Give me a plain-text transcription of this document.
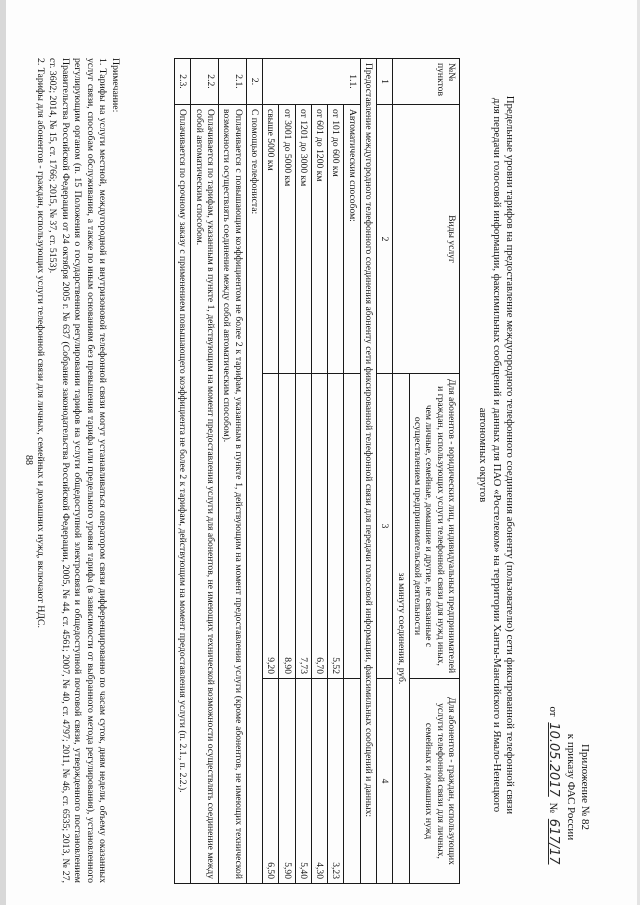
Приложение № 82
к приказу ФАС России
от 10.05.2017 № 617/17
Предельные уровни тарифов на предоставление междугородного телефонного соединения абоненту (пользователю) сети фиксированной телефонной связи для передачи голосовой информации, факсимильных сообщений и данных для ПАО «Ростелеком» на территории Ханты-Мансийского и Ямало-Ненецкого автономных округов
№№ пунктов	Виды услуг	Для абонентов - юридических лиц, индивидуальных предпринимателей и граждан, использующих услуги телефонной связи для нужд иных, чем личные, семейные, домашние и другие, не связанные с осуществлением предпринимательской деятельности	Для абонентов - граждан, использующих услуги телефонной связи для личных, семейных и домашних нужд
		за минуту соединения, руб.	
1	2	3	4
Предоставление междугородного телефонного соединения абоненту сети фиксированной телефонной связи для передачи голосовой информации, факсимильных сообщений и данных:			
1.1.	Автоматическим способом:		
	от 101 до 600 км	5,52	3,23
	от 601 до 1200 км	6,70	4,30
	от 1201 до 3000 км	7,73	5,40
	от 3001 до 5000 км	8,90	5,90
	свыше 5000 км	9,20	6,50
2.	С помощью телефониста:		
2.1.	Оплачивается с повышающим коэффициентом не более 2 к тарифам, указанным в пункте 1, действующим на момент предоставления услуги (кроме абонентов, не имеющих технической возможности осуществлять соединение между собой автоматическим способом).		
2.2.	Оплачивается по тарифам, указанным в пункте 1, действующим на момент предоставления услуги для абонентов, не имеющих технической возможности осуществлять соединение между собой автоматическим способом.		
2.3.	Оплачивается по срочному заказу с применением повышающего коэффициента не более 2 к тарифам, действующим на момент предоставления услуги (п. 2.1., п. 2.2.).		

Примечание:

1. Тарифы на услуги местной, междугородной и внутризоновой телефонной связи могут устанавливаться оператором связи дифференцированно по часам суток, дням недели, объему оказанных услуг связи, способам обслуживания, а также по иным основаниям без превышения тарифа или предельного уровня тарифа (в зависимости от выбранного метода регулирования), установленного регулирующим органом (п. 15 Положения о государственном регулировании тарифов на услуги общедоступной электросвязи и общедоступной почтовой связи, утвержденного постановлением Правительства Российской Федерации от 24 октября 2005 г. № 637 (Собрание законодательства Российской Федерации, 2005, № 44, ст. 4561; 2007, № 40, ст. 4797; 2011, № 46, ст. 6535; 2013, № 27, ст. 3602; 2014, № 15, ст. 1766; 2015, № 37, ст. 5153).

2. Тарифы для абонентов - граждан, использующих услуги телефонной связи для личных, семейных и домашних нужд, включают НДС.

88
